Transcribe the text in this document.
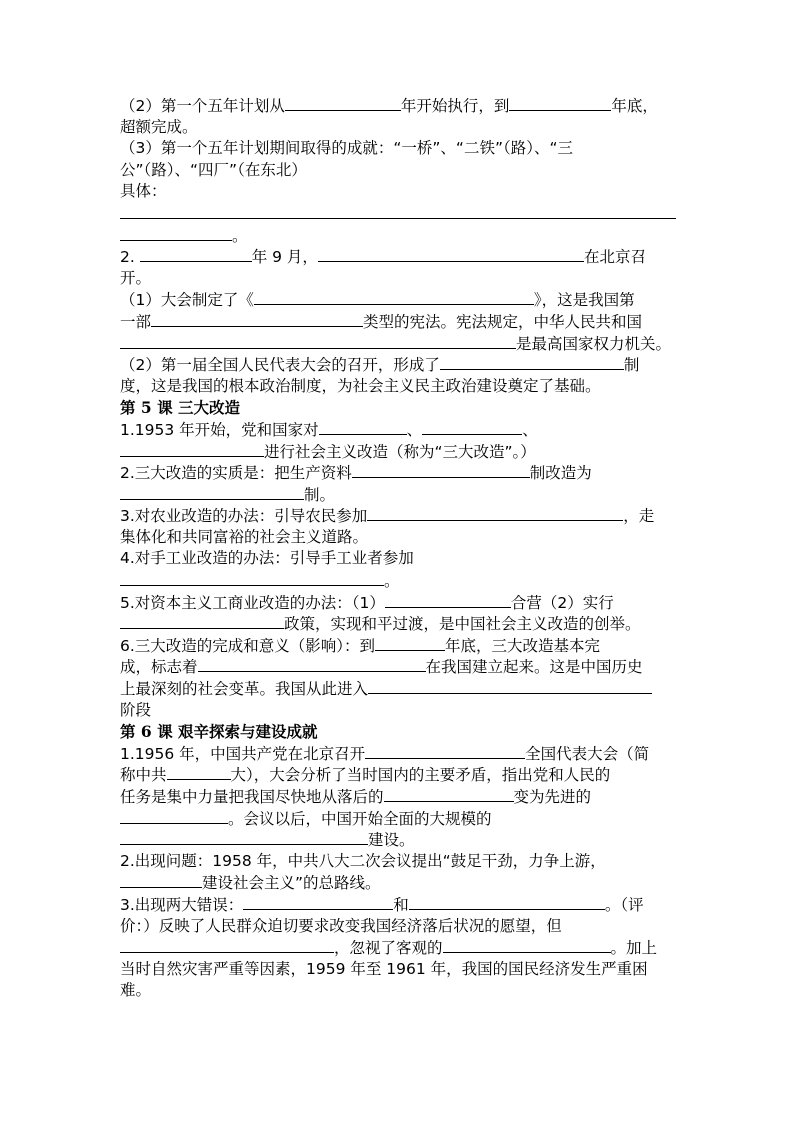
（2）第一个五年计划从	年开始执行，到	年底，
超额完成。
（3）第一个五年计划期间取得的成就：“一桥”、“二铁”（路）、“三
公”（路）、“四厂”（在东北）
具体：
。
2.	年 9 月，	在北京召
开。
（1）大会制定了《	》，这是我国第
一部	类型的宪法。宪法规定，中华人民共和国
是最高国家权力机关。
（2）第一届全国人民代表大会的召开，形成了	制
度，这是我国的根本政治制度，为社会主义民主政治建设奠定了基础。
第 5 课 三大改造
1.1953 年开始，党和国家对	、	、
进行社会主义改造（称为“三大改造”。）
2.三大改造的实质是：把生产资料	制改造为
制。
3.对农业改造的办法：引导农民参加	，走
集体化和共同富裕的社会主义道路。
4.对手工业改造的办法：引导手工业者参加
。
5.对资本主义工商业改造的办法：（1）	合营（2）实行
政策，实现和平过渡，是中国社会主义改造的创举。
6.三大改造的完成和意义（影响）：到	年底，三大改造基本完
成，标志着	在我国建立起来。这是中国历史
上最深刻的社会变革。我国从此进入
阶段
第 6 课 艰辛探索与建设成就
1.1956 年，中国共产党在北京召开	全国代表大会（简
称中共	大），大会分析了当时国内的主要矛盾，指出党和人民的
任务是集中力量把我国尽快地从落后的	变为先进的
。会议以后，中国开始全面的大规模的
建设。
2.出现问题：1958 年，中共八大二次会议提出“鼓足干劲，力争上游，
建设社会主义”的总路线。
3.出现两大错误：	和	。（评
价：）反映了人民群众迫切要求改变我国经济落后状况的愿望，但
，忽视了客观的	。加上
当时自然灾害严重等因素，1959 年至 1961 年，我国的国民经济发生严重困
难。
